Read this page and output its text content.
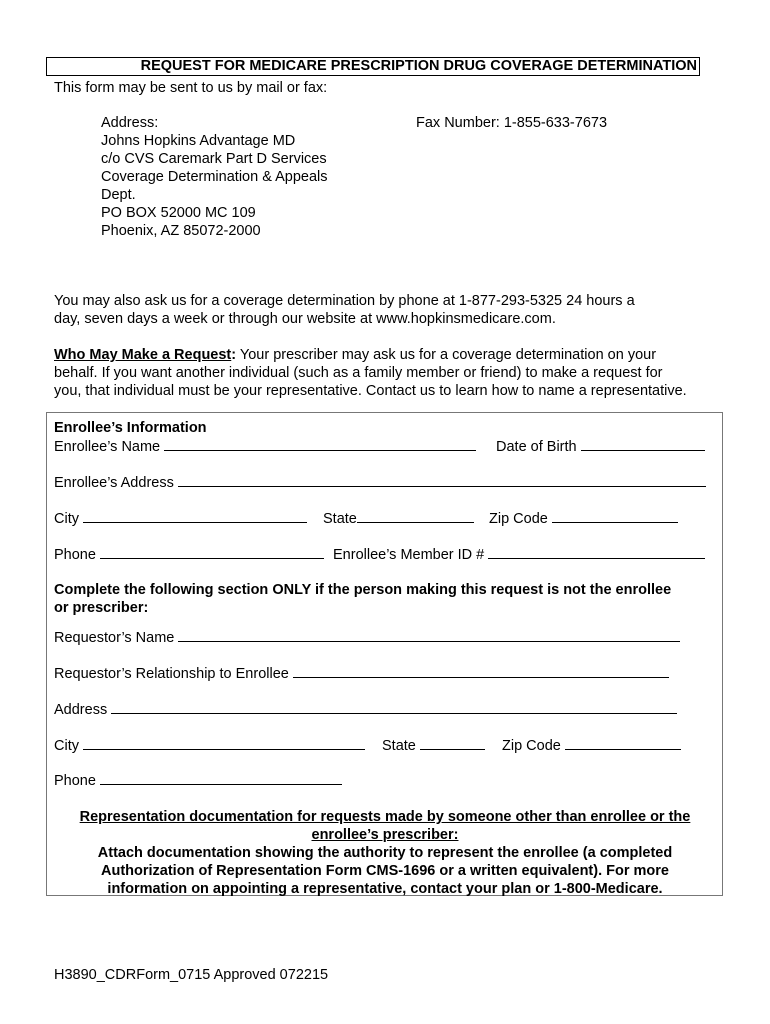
REQUEST FOR MEDICARE PRESCRIPTION DRUG COVERAGE DETERMINATION
This form may be sent to us by mail or fax:
Address:
Johns Hopkins Advantage MD
c/o CVS Caremark Part D Services
Coverage Determination & Appeals
Dept.
PO BOX 52000 MC 109
Phoenix, AZ 85072-2000
Fax Number: 1-855-633-7673
You may also ask us for a coverage determination by phone at 1-877-293-5325 24 hours a
day, seven days a week or through our website at www.hopkinsmedicare.com.
Who May Make a Request: Your prescriber may ask us for a coverage determination on your
behalf. If you want another individual (such as a family member or friend) to make a request for
you, that individual must be your representative. Contact us to learn how to name a representative.
Enrollee’s Information
Enrollee’s Name	Date of Birth
Enrollee’s Address
City	State	Zip Code
Phone	Enrollee’s Member ID #
Complete the following section ONLY if the person making this request is not the enrollee
or prescriber:
Requestor’s Name
Requestor’s Relationship to Enrollee
Address
City	State	Zip Code
Phone
Representation documentation for requests made by someone other than enrollee or the
enrollee’s prescriber:
Attach documentation showing the authority to represent the enrollee (a completed
Authorization of Representation Form CMS-1696 or a written equivalent). For more
information on appointing a representative, contact your plan or 1-800-Medicare.
H3890_CDRForm_0715 Approved 072215
